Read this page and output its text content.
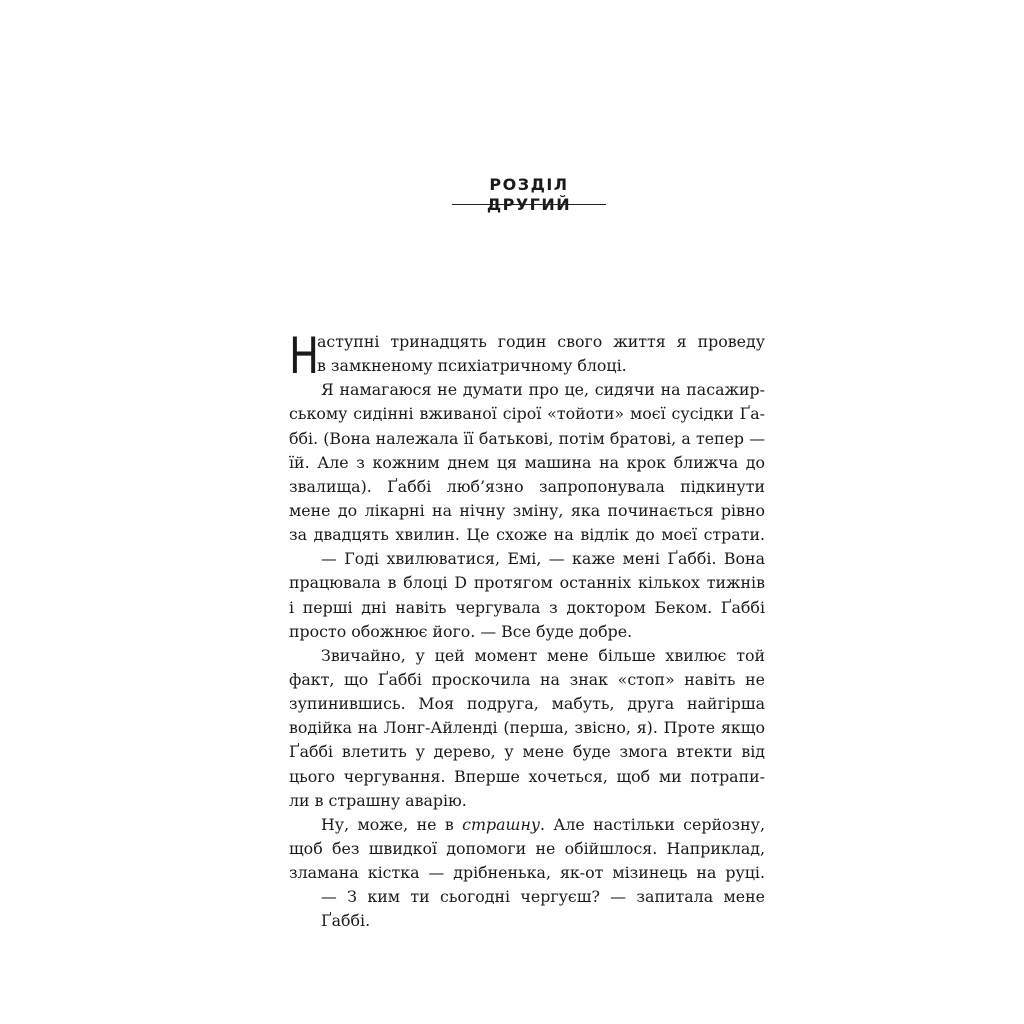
РОЗДІЛ ДРУГИЙ
Н
аступні тринадцять годин свого життя я проведу
в замкненому психіатричному блоці.
Я намагаюся не думати про це, сидячи на пасажир-
ському сидінні вживаної сірої «тойоти» моєї сусідки Ґа-
ббі. (Вона належала її батькові, потім братові, а тепер —
їй. Але з кожним днем ця машина на крок ближча до
звалища). Ґаббі люб’язно запропонувала підкинути
мене до лікарні на нічну зміну, яка починається рівно
за двадцять хвилин. Це схоже на відлік до моєї страти.
— Годі хвилюватися, Емі, — каже мені Ґаббі. Вона
працювала в блоці D протягом останніх кількох тижнів
і перші дні навіть чергувала з доктором Беком. Ґаббі
просто обожнює його. — Все буде добре.
Звичайно, у цей момент мене більше хвилює той
факт, що Ґаббі проскочила на знак «стоп» навіть не
зупинившись. Моя подруга, мабуть, друга найгірша
водійка на Лонг-Айленді (перша, звісно, я). Проте якщо
Ґаббі влетить у дерево, у мене буде змога втекти від
цього чергування. Вперше хочеться, щоб ми потрапи-
ли в страшну аварію.
Ну, може, не в страшну. Але настільки серйозну,
щоб без швидкої допомоги не обійшлося. Наприклад,
зламана кістка — дрібненька, як-от мізинець на руці.
— З ким ти сьогодні чергуєш? — запитала мене Ґаббі.
